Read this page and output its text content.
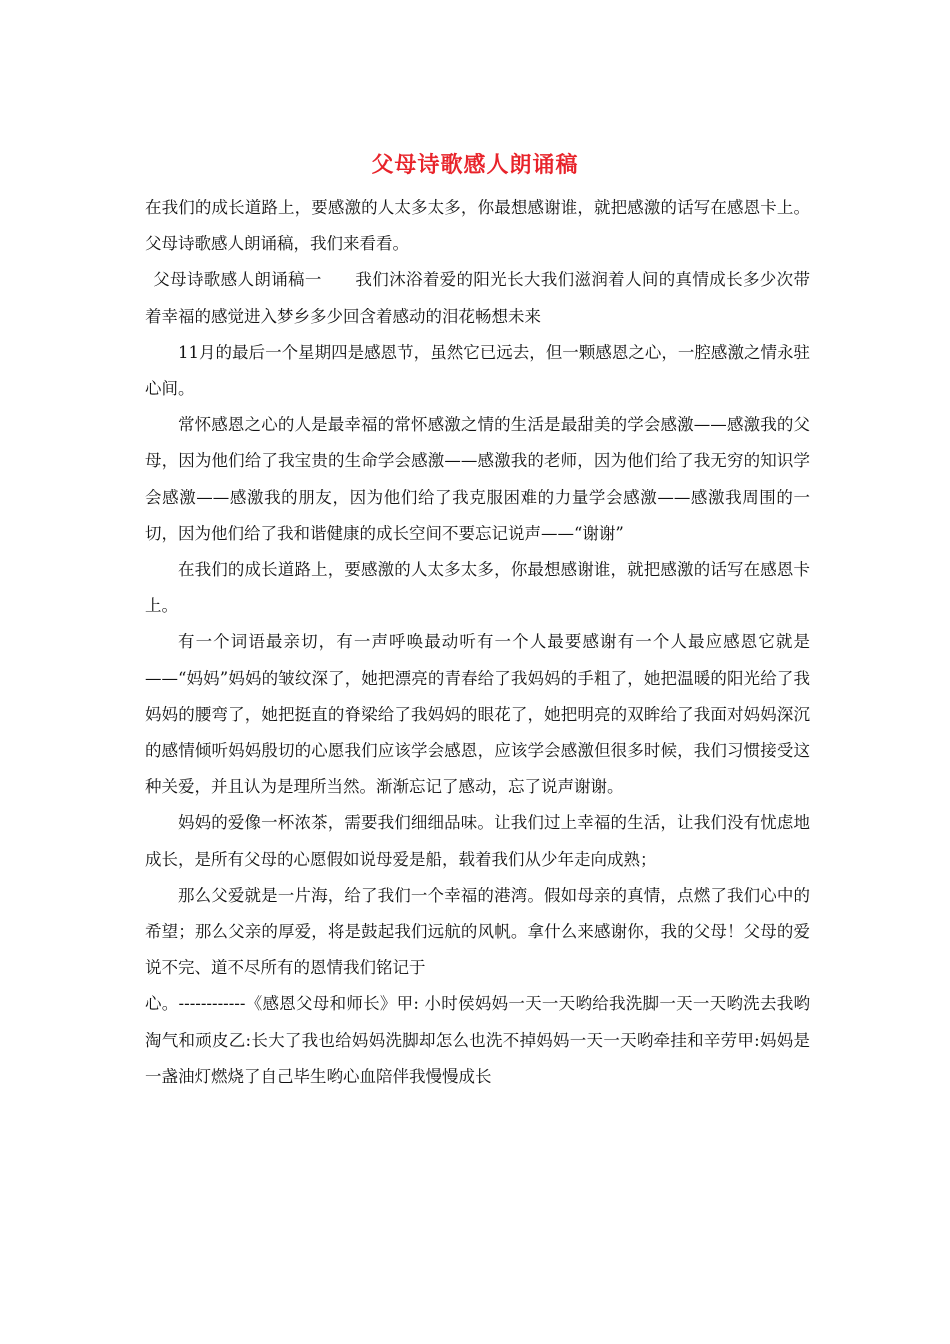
父母诗歌感人朗诵稿

在我们的成长道路上，要感激的人太多太多，你最想感谢谁，就把感激的话写在感恩卡上。父母诗歌感人朗诵稿，我们来看看。

父母诗歌感人朗诵稿一　　我们沐浴着爱的阳光长大我们滋润着人间的真情成长多少次带着幸福的感觉进入梦乡多少回含着感动的泪花畅想未来

11月的最后一个星期四是感恩节，虽然它已远去，但一颗感恩之心，一腔感激之情永驻心间。

常怀感恩之心的人是最幸福的常怀感激之情的生活是最甜美的学会感激——感激我的父母，因为他们给了我宝贵的生命学会感激——感激我的老师，因为他们给了我无穷的知识学会感激——感激我的朋友，因为他们给了我克服困难的力量学会感激——感激我周围的一切，因为他们给了我和谐健康的成长空间不要忘记说声——“谢谢”

在我们的成长道路上，要感激的人太多太多，你最想感谢谁，就把感激的话写在感恩卡上。

有一个词语最亲切，有一声呼唤最动听有一个人最要感谢有一个人最应感恩它就是——“妈妈”妈妈的皱纹深了，她把漂亮的青春给了我妈妈的手粗了，她把温暖的阳光给了我妈妈的腰弯了，她把挺直的脊梁给了我妈妈的眼花了，她把明亮的双眸给了我面对妈妈深沉的感情倾听妈妈殷切的心愿我们应该学会感恩，应该学会感激但很多时候，我们习惯接受这种关爱，并且认为是理所当然。渐渐忘记了感动，忘了说声谢谢。

妈妈的爱像一杯浓茶，需要我们细细品味。让我们过上幸福的生活，让我们没有忧虑地成长，是所有父母的心愿假如说母爱是船，载着我们从少年走向成熟；

那么父爱就是一片海，给了我们一个幸福的港湾。假如母亲的真情，点燃了我们心中的希望；那么父亲的厚爱，将是鼓起我们远航的风帆。拿什么来感谢你，我的父母！父母的爱说不完、道不尽所有的恩情我们铭记于

心。------------《感恩父母和师长》甲: 小时侯妈妈一天一天哟给我洗脚一天一天哟洗去我哟淘气和顽皮乙:长大了我也给妈妈洗脚却怎么也洗不掉妈妈一天一天哟牵挂和辛劳甲:妈妈是一盏油灯燃烧了自己毕生哟心血陪伴我慢慢成长
